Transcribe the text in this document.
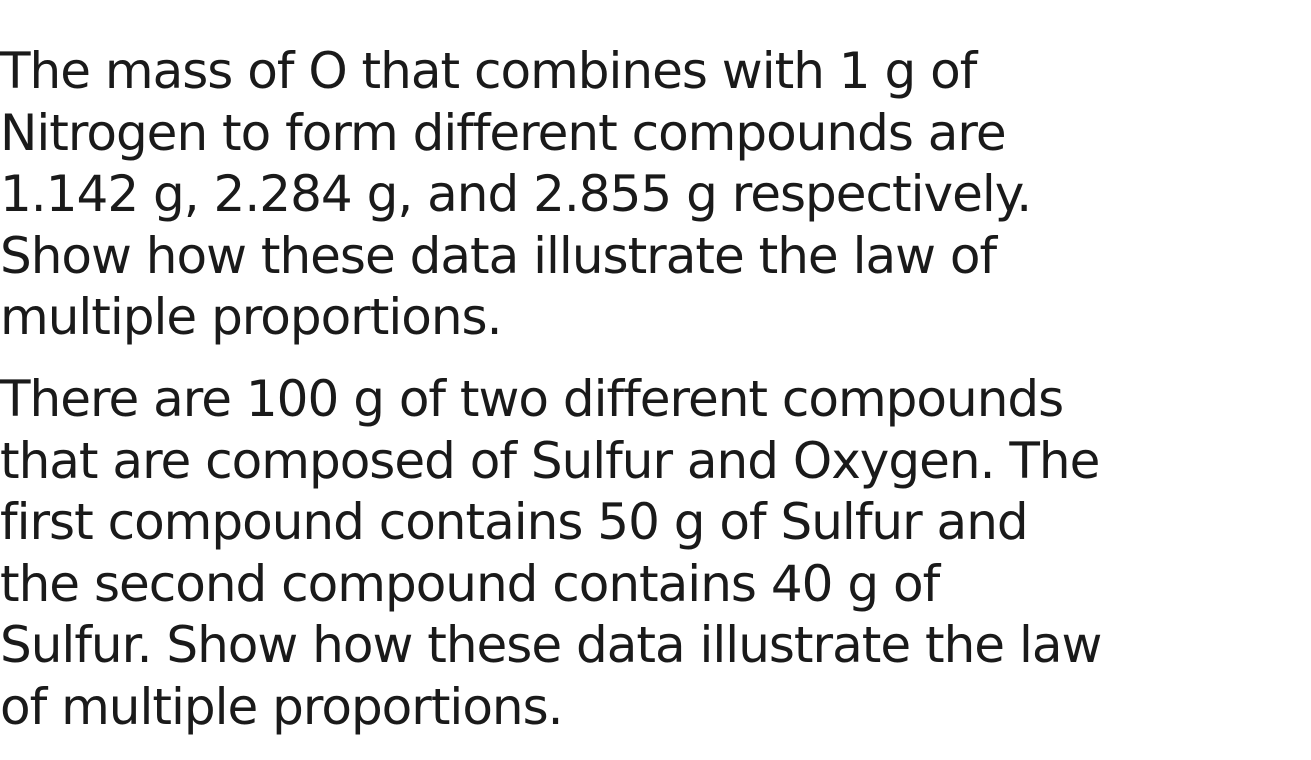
The mass of O that combines with 1 g of
Nitrogen to form different compounds are
1.142 g, 2.284 g, and 2.855 g respectively.
Show how these data illustrate the law of
multiple proportions.

There are 100 g of two different compounds
that are composed of Sulfur and Oxygen. The
first compound contains 50 g of Sulfur and
the second compound contains 40 g of
Sulfur. Show how these data illustrate the law
of multiple proportions.
